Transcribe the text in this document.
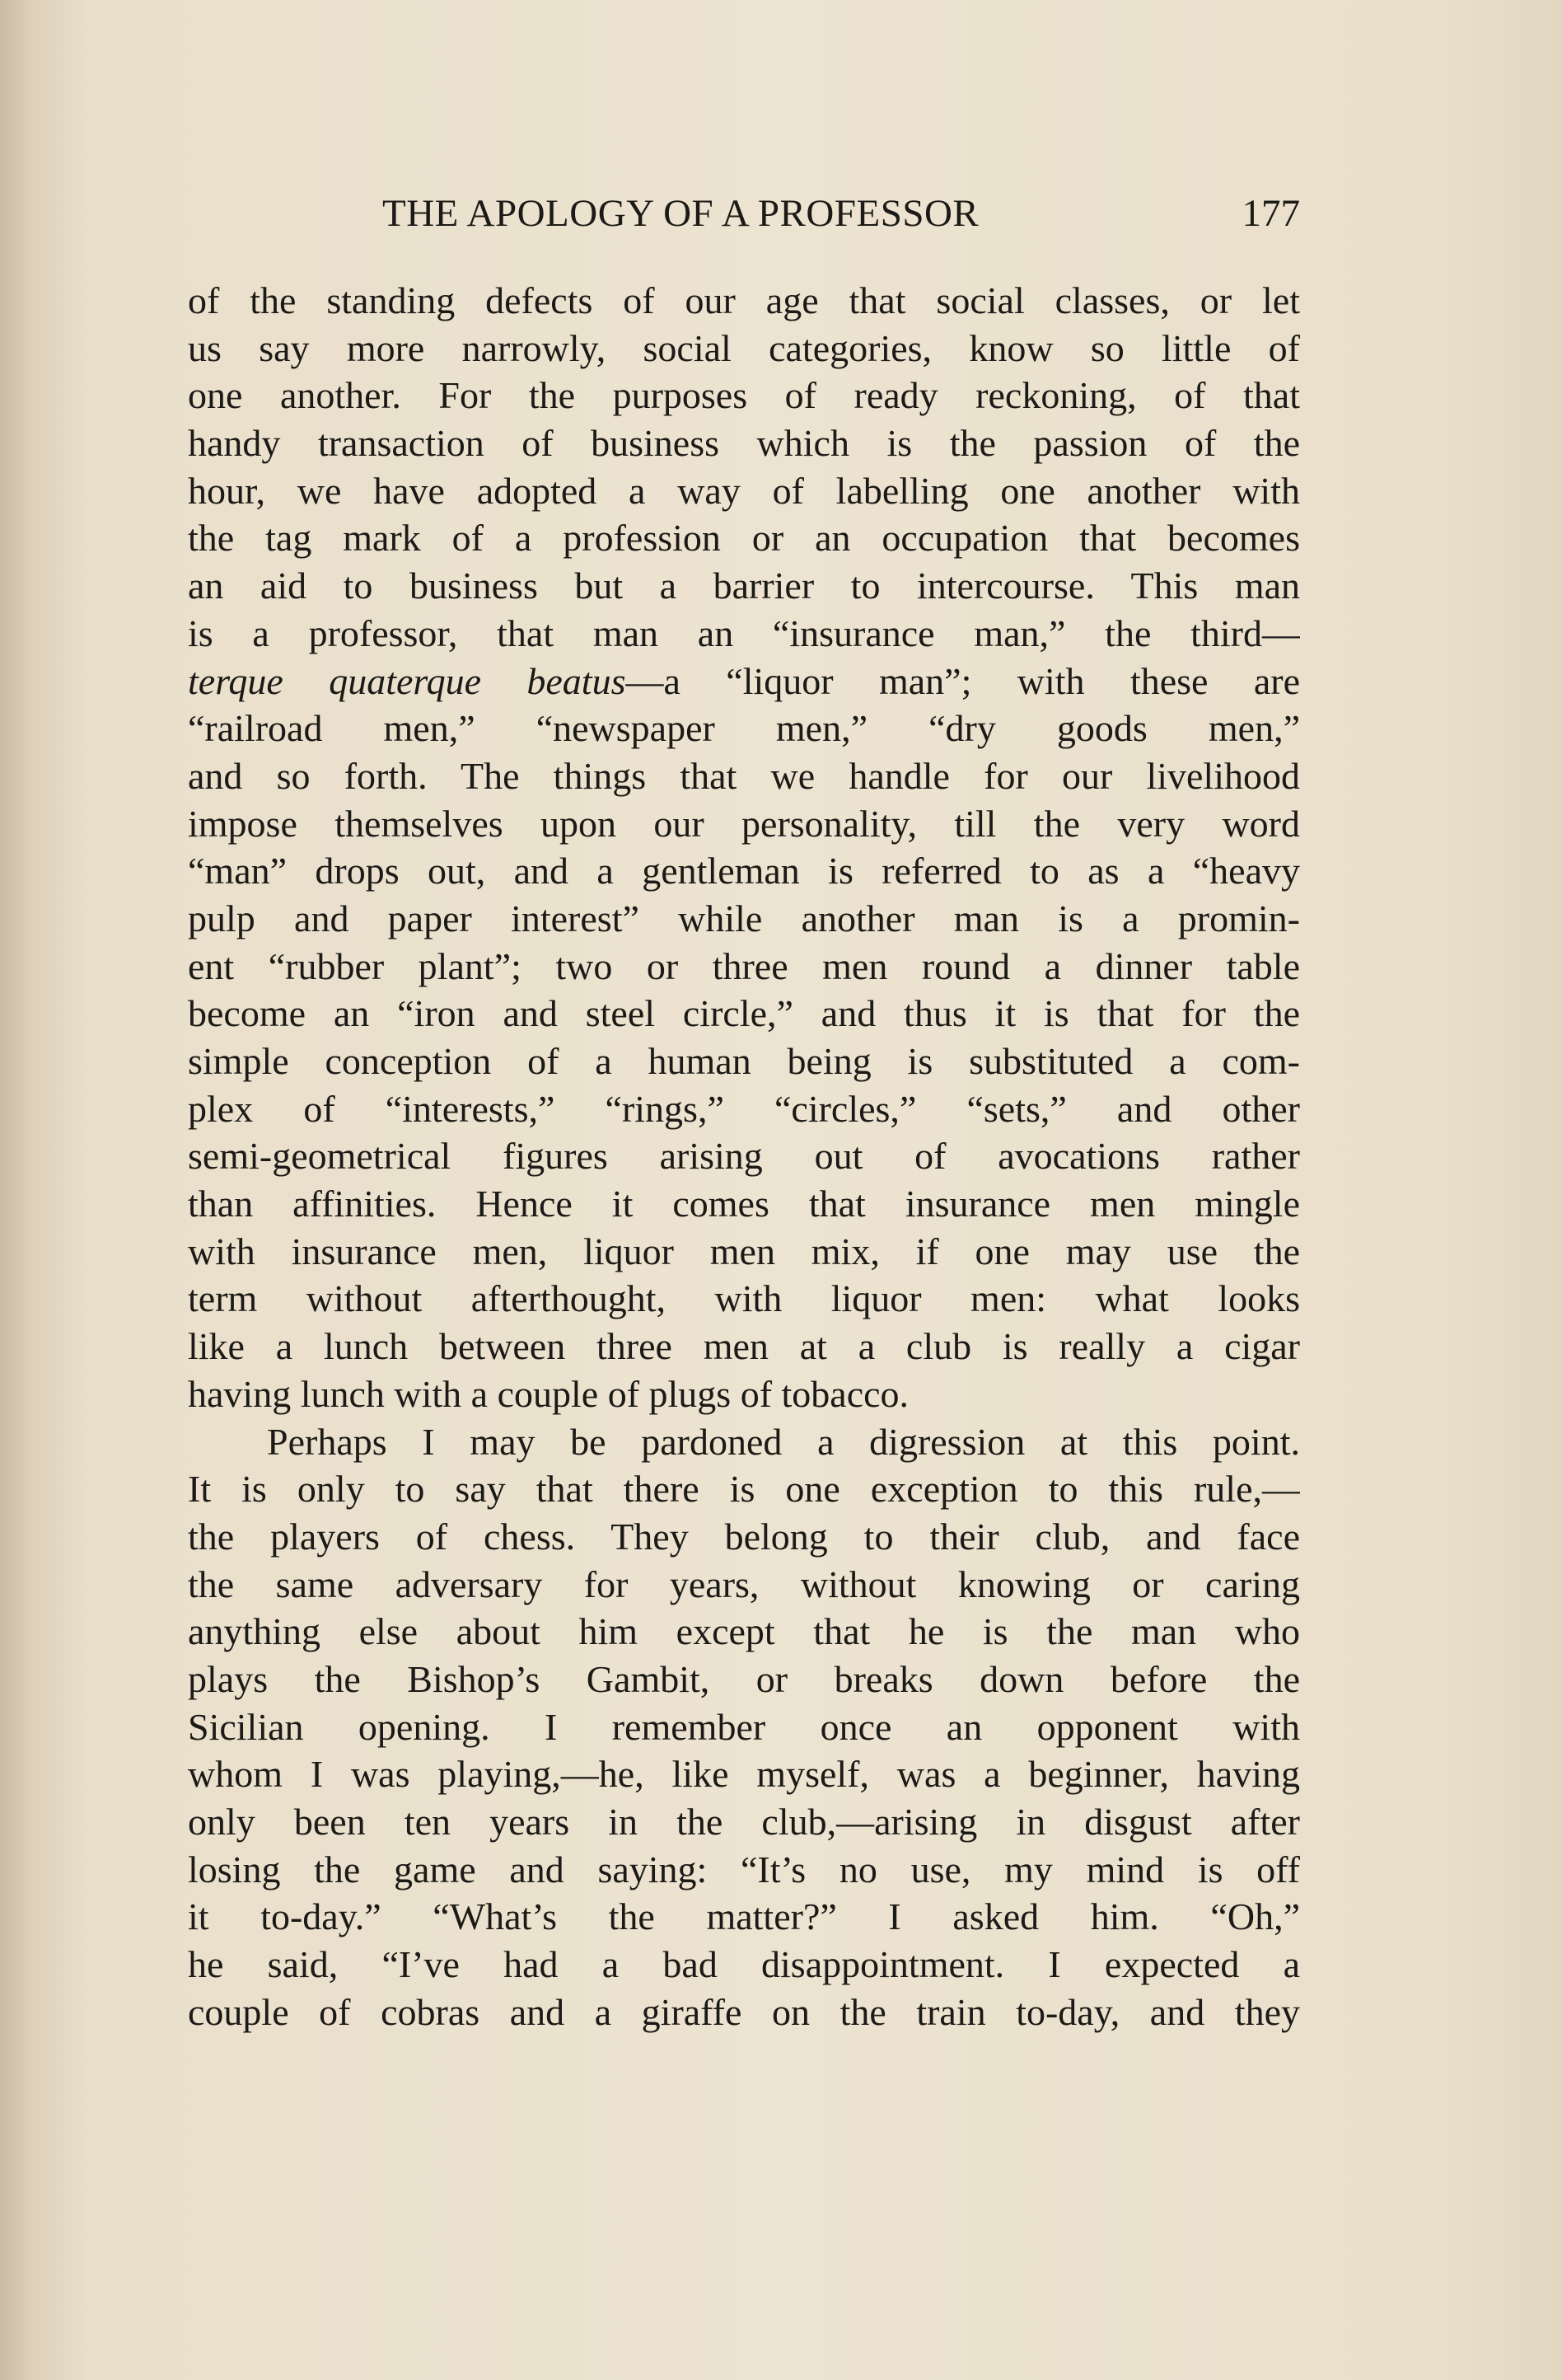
THE APOLOGY OF A PROFESSOR	177
of the standing defects of our age that social classes, or let
us say more narrowly, social categories, know so little of
one another. For the purposes of ready reckoning, of that
handy transaction of business which is the passion of the
hour, we have adopted a way of labelling one another with
the tag mark of a profession or an occupation that becomes
an aid to business but a barrier to intercourse. This man
is a professor, that man an “insurance man,” the third—
terque quaterque beatus—a “liquor man”; with these are
“railroad men,” “newspaper men,” “dry goods men,”
and so forth. The things that we handle for our livelihood
impose themselves upon our personality, till the very word
“man” drops out, and a gentleman is referred to as a “heavy
pulp and paper interest” while another man is a promin-
ent “rubber plant”; two or three men round a dinner table
become an “iron and steel circle,” and thus it is that for the
simple conception of a human being is substituted a com-
plex of “interests,” “rings,” “circles,” “sets,” and other
semi-geometrical figures arising out of avocations rather
than affinities. Hence it comes that insurance men mingle
with insurance men, liquor men mix, if one may use the
term without afterthought, with liquor men: what looks
like a lunch between three men at a club is really a cigar
having lunch with a couple of plugs of tobacco.
Perhaps I may be pardoned a digression at this point.
It is only to say that there is one exception to this rule,—
the players of chess. They belong to their club, and face
the same adversary for years, without knowing or caring
anything else about him except that he is the man who
plays the Bishop’s Gambit, or breaks down before the
Sicilian opening. I remember once an opponent with
whom I was playing,—he, like myself, was a beginner, having
only been ten years in the club,—arising in disgust after
losing the game and saying: “It’s no use, my mind is off
it to-day.” “What’s the matter?” I asked him. “Oh,”
he said, “I’ve had a bad disappointment. I expected a
couple of cobras and a giraffe on the train to-day, and they
